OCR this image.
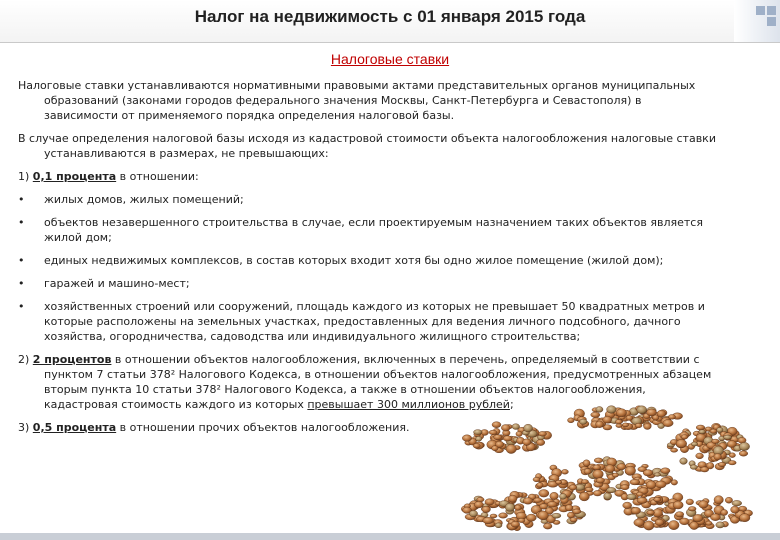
Налог на недвижимость с 01 января 2015 года
Налоговые ставки

Налоговые ставки устанавливаются нормативными правовыми актами представительных органов муниципальных образований (законами городов федерального значения Москвы, Санкт-Петербурга и Севастополя) в зависимости от применяемого порядка определения налоговой базы.

В случае определения налоговой базы исходя из кадастровой стоимости объекта налогообложения налоговые ставки устанавливаются в размерах, не превышающих:

1) 0,1 процента в отношении:

• жилых домов, жилых помещений;
• объектов незавершенного строительства в случае, если проектируемым назначением таких объектов является жилой дом;
• единых недвижимых комплексов, в состав которых входит хотя бы одно жилое помещение (жилой дом);
• гаражей и машино-мест;
• хозяйственных строений или сооружений, площадь каждого из которых не превышает 50 квадратных метров и которые расположены на земельных участках, предоставленных для ведения личного подсобного, дачного хозяйства, огородничества, садоводства или индивидуального жилищного строительства;

2) 2 процентов в отношении объектов налогообложения, включенных в перечень, определяемый в соответствии с пунктом 7 статьи 378² Налогового Кодекса, в отношении объектов налогообложения, предусмотренных абзацем вторым пункта 10 статьи 378² Налогового Кодекса, а также в отношении объектов налогообложения, кадастровая стоимость каждого из которых превышает 300 миллионов рублей;

3) 0,5 процента в отношении прочих объектов налогообложения.
